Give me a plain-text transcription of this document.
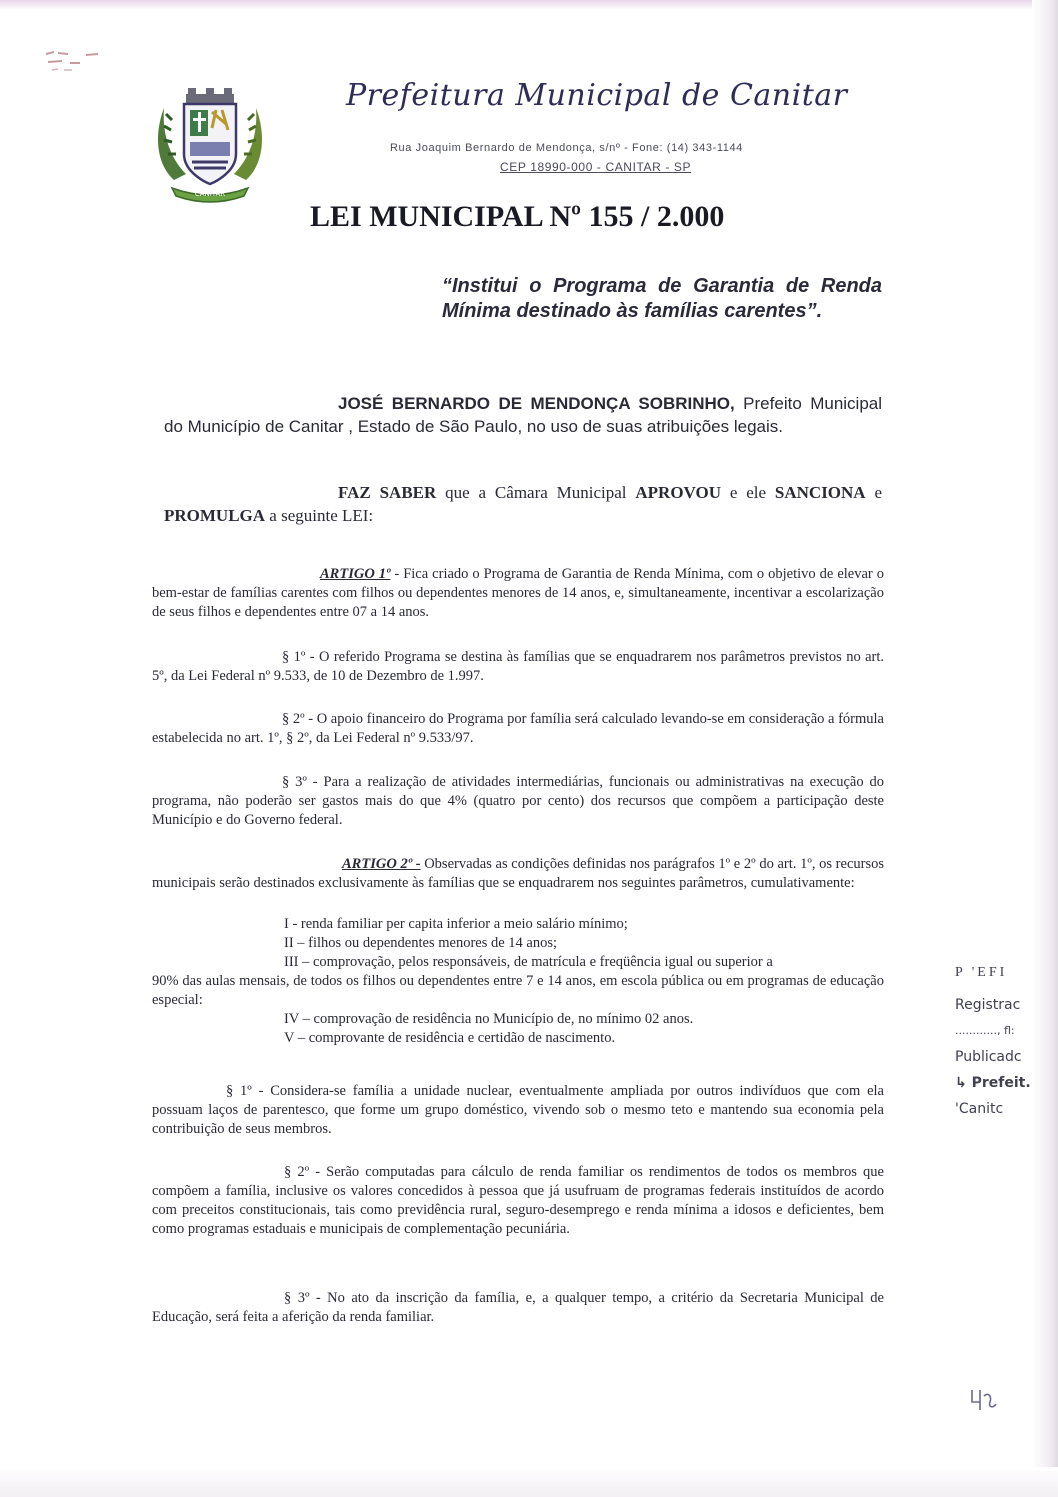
CANITAR
Prefeitura Municipal de Canitar
Rua Joaquim Bernardo de Mendonça, s/nº - Fone: (14) 343-1144
CEP 18990-000 - CANITAR - SP
LEI MUNICIPAL Nº 155 / 2.000
“Institui o Programa de Garantia de Renda Mínima destinado às famílias carentes”.
JOSÉ BERNARDO DE MENDONÇA SOBRINHO, Prefeito Municipal do Município de Canitar , Estado de São Paulo, no uso de suas atribuições legais.
FAZ SABER que a Câmara Municipal APROVOU e ele SANCIONA e PROMULGA a seguinte LEI:

ARTIGO 1º - Fica criado o Programa de Garantia de Renda Mínima, com o objetivo de elevar o bem-estar de famílias carentes com filhos ou dependentes menores de 14 anos, e, simultaneamente, incentivar a escolarização de seus filhos e dependentes entre 07 a 14 anos.

§ 1º - O referido Programa se destina às famílias que se enquadrarem nos parâmetros previstos no art. 5º, da Lei Federal nº 9.533, de 10 de Dezembro de 1.997.

§ 2º - O apoio financeiro do Programa por família será calculado levando-se em consideração a fórmula estabelecida no art. 1º, § 2º, da Lei Federal nº 9.533/97.

§ 3º - Para a realização de atividades intermediárias, funcionais ou administrativas na execução do programa, não poderão ser gastos mais do que 4% (quatro por cento) dos recursos que compõem a participação deste Município e do Governo federal.

ARTIGO 2º - Observadas as condições definidas nos parágrafos 1º e 2º do art. 1º, os recursos municipais serão destinados exclusivamente às famílias que se enquadrarem nos seguintes parâmetros, cumulativamente:

I - renda familiar per capita inferior a meio salário mínimo;
II – filhos ou dependentes menores de 14 anos;
III – comprovação, pelos responsáveis, de matrícula e freqüência igual ou superior a
90% das aulas mensais, de todos os filhos ou dependentes entre 7 e 14 anos, em escola pública ou em programas de educação especial:
IV – comprovação de residência no Município de, no mínimo 02 anos.
V – comprovante de residência e certidão de nascimento.

§ 1º - Considera-se família a unidade nuclear, eventualmente ampliada por outros indivíduos que com ela possuam laços de parentesco, que forme um grupo doméstico, vivendo sob o mesmo teto e mantendo sua economia pela contribuição de seus membros.

§ 2º - Serão computadas para cálculo de renda familiar os rendimentos de todos os membros que compõem a família, inclusive os valores concedidos à pessoa que já usufruam de programas federais instituídos de acordo com preceitos constitucionais, tais como previdência rural, seguro-desemprego e renda mínima a idosos e deficientes, bem como programas estaduais e municipais de complementação pecuniária.

§ 3º - No ato da inscrição da família, e, a qualquer tempo, a critério da Secretaria Municipal de Educação, será feita a aferição da renda familiar.

P 'EFI
Registrac
............, fl:
Publicadc
↳ Prefeit.
'Canitc
